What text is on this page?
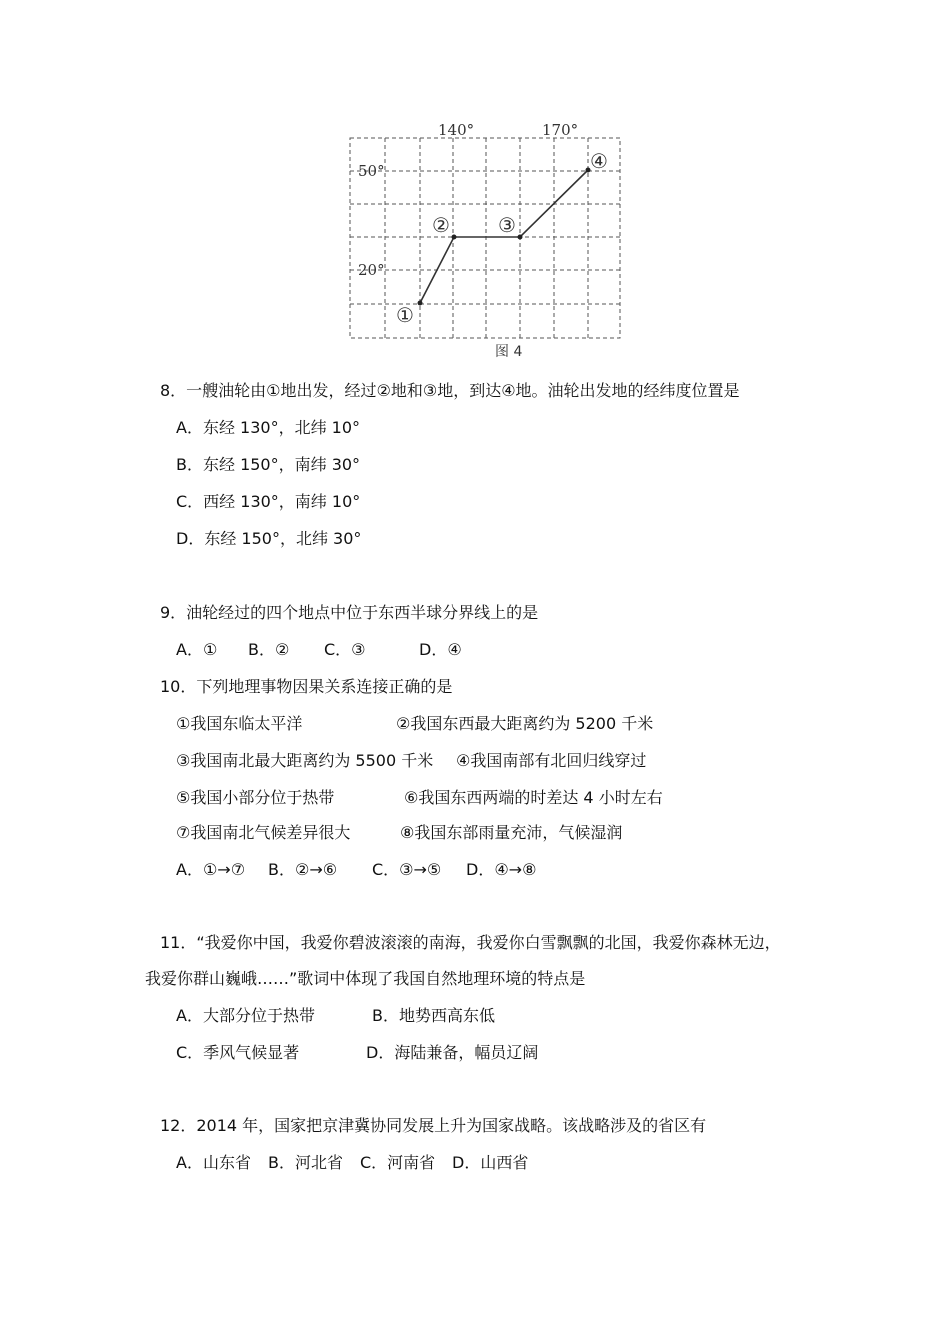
140°	170°
50°
20°
①
② ③
④
图 4
8．一艘油轮由①地出发，经过②地和③地，到达④地。油轮出发地的经纬度位置是
A．东经 130°，北纬 10°
B．东经 150°，南纬 30°
C．西经 130°，南纬 10°
D．东经 150°，北纬 30°
9．油轮经过的四个地点中位于东西半球分界线上的是
A．① B．② C．③	D．④
10．下列地理事物因果关系连接正确的是
①我国东临太平洋	②我国东西最大距离约为 5200 千米
③我国南北最大距离约为 5500 千米 ④我国南部有北回归线穿过
⑤我国小部分位于热带	⑥我国东西两端的时差达 4 小时左右
⑦我国南北气候差异很大	⑧我国东部雨量充沛，气候湿润
A．①→⑦ B．②→⑥ C．③→⑤ D．④→⑧
11．“我爱你中国，我爱你碧波滚滚的南海，我爱你白雪飘飘的北国，我爱你森林无边，
我爱你群山巍峨……”歌词中体现了我国自然地理环境的特点是
A．大部分位于热带	B．地势西高东低
C．季风气候显著	D．海陆兼备，幅员辽阔
12．2014 年，国家把京津冀协同发展上升为国家战略。该战略涉及的省区有
A．山东省 B．河北省 C．河南省 D．山西省
